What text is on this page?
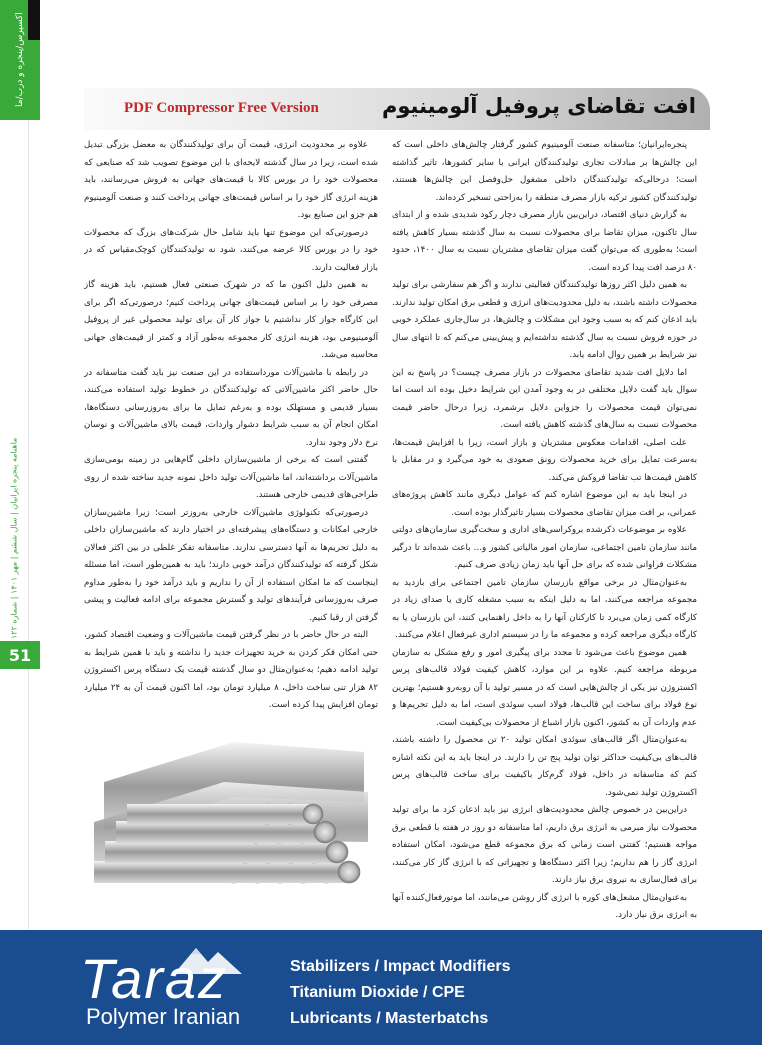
اکسپرس/پنجره و درب/ما
ماهنامه پنجره ایرانیان | سال ششم | مهر ۱۴۰۱ | شماره ۱۲۲
51
افت تقاضای پروفیل آلومینیوم
PDF Compressor Free Version

پنجره‌ایرانیان؛ متاسفانه صنعت آلومینیوم کشور گرفتار چالش‌های داخلی است که این چالش‌ها بر مبادلات تجاری تولیدکنندگان ایرانی با سایر کشورها، تاثیر گذاشته است؛ درحالی‌که تولیدکنندگان داخلی مشغول حل‌وفصل این چالش‌ها هستند، تولیدکنندگان کشور ترکیه بازار مصرف منطقه را به‌راحتی تسخیر کرده‌اند.

به گزارش دنیای اقتصاد، دراین‌بین بازار مصرف دچار رکود شدیدی شده و از ابتدای سال تاکنون، میزان تقاضا برای محصولات نسبت به سال گذشته بسیار کاهش یافته است؛ به‌طوری که می‌توان گفت میزان تقاضای مشتریان نسبت به سال ۱۴۰۰، حدود ۸۰ درصد افت پیدا کرده است.

به همین دلیل اکثر روزها تولیدکنندگان فعالیتی ندارند و اگر هم سفارشی برای تولید محصولات داشته باشند، به دلیل محدودیت‌های انرژی و قطعی برق امکان تولید ندارند. باید اذعان کنم که به سبب وجود این مشکلات و چالش‌ها، در سال‌جاری عملکرد خوبی در حوزه فروش نسبت به سال گذشته نداشته‌ایم و پیش‌بینی می‌کنم که تا انتهای سال نیز شرایط بر همین روال ادامه یابد.

اما دلایل افت شدید تقاضای محصولات در بازار مصرف چیست؟ در پاسخ به این سوال باید گفت دلایل مختلفی در به وجود آمدن این شرایط دخیل بوده اند است اما نمی‌توان قیمت محصولات را جزواین دلایل برشمرد، زیرا درحال حاضر قیمت محصولات نسبت به سال‌های گذشته کاهش یافته است.

علت اصلی، اقدامات معکوس مشتریان و بازار است، زیرا با افزایش قیمت‌ها، به‌سرعت تمایل برای خرید محصولات رونق صعودی به خود می‌گیرد و در مقابل با کاهش قیمت‌ها تب تقاضا فروکش می‌کند.

در اینجا باید به این موضوع اشاره کنم که عوامل دیگری مانند کاهش پروژه‌های عمرانی، بر افت میزان تقاضای محصولات بسیار تاثیرگذار بوده است.

علاوه بر موضوعات ذکرشده بروکراسی‌های اداری و سخت‌گیری سازمان‌های دولتی مانند سازمان تامین اجتماعی، سازمان امور مالیاتی کشور و... باعث شده‌اند تا درگیر مشکلات فراوانی شده که برای حل آنها باید زمان زیادی صرف کنیم.

به‌عنوان‌مثال در برخی مواقع بازرسان سازمان تامین اجتماعی برای بازدید به مجموعه مراجعه می‌کنند، اما به دلیل اینکه به سبب مشغله کاری یا صدای زیاد در کارگاه کمی زمان می‌برد تا کارکنان آنها را به داخل راهنمایی کنند، این بازرسان یا به کارگاه دیگری مراجعه کرده و مجموعه ما را در سیستم اداری غیرفعال اعلام می‌کنند.

همین موضوع باعث می‌شود تا مجدد برای پیگیری امور و رفع مشکل به سازمان مربوطه مراجعه کنیم. علاوه بر این موارد، کاهش کیفیت فولاد قالب‌های پرس اکستروژن نیز یکی از چالش‌هایی است که در مسیر تولید با آن روبه‌رو هستیم؛ بهترین نوع فولاد برای ساخت این قالب‌ها، فولاد اسب سوئدی است، اما به دلیل تحریم‌ها و عدم واردات آن به کشور، اکنون بازار اشباع از محصولات بی‌کیفیت است.

به‌عنوان‌مثال اگر قالب‌های سوئدی امکان تولید ۲۰ تن محصول را داشته باشند، قالب‌های بی‌کیفیت حداکثر توان تولید پنج تن را دارند. در اینجا باید به این نکته اشاره کنم که متاسفانه در داخل، فولاد گرم‌کار باکیفیت برای ساخت قالب‌های پرس اکستروژن تولید نمی‌شود.

دراین‌بین در خصوص چالش محدودیت‌های انرژی نیز باید اذعان کرد ما برای تولید محصولات نیاز مبرمی به انرژی برق داریم، اما متاسفانه دو روز در هفته با قطعی برق مواجه هستیم؛ کفتنی است زمانی که برق مجموعه قطع می‌شود، امکان استفاده انرژی گاز را هم نداریم؛ زیرا اکثر دستگاه‌ها و تجهیزاتی که با انرژی گاز کار می‌کنند، برای فعال‌سازی به نیروی برق نیاز دارند.

به‌عنوان‌مثال مشعل‌های کوره با انرژی گاز روشن می‌مانند، اما موتورفعال‌کننده آنها به انرژی برق نیاز دارد.

علاوه بر محدودیت انرژی، قیمت آن برای تولیدکنندگان به معضل بزرگی تبدیل شده است، زیرا در سال گذشته لایحه‌ای با این موضوع تصویب شد که صنایعی که محصولات خود را در بورس کالا با قیمت‌های جهانی به فروش می‌رسانند، باید هزینه انرژی گاز خود را بر اساس قیمت‌های جهانی پرداخت کنند و صنعت آلومینیوم هم جزو این صنایع بود.

درصورتی‌که این موضوع تنها باید شامل حال شرکت‌های بزرگ که محصولات خود را در بورس کالا عرضه می‌کنند، شود نه تولیدکنندگان کوچک‌مقیاس که در بازار فعالیت دارند.

به همین دلیل اکنون ما که در شهرک صنعتی فعال هستیم، باید هزینه گاز مصرفی خود را بر اساس قیمت‌های جهانی پرداخت کنیم؛ درصورتی‌که اگر برای این کارگاه جواز کار نداشتیم یا جواز کار آن برای تولید محصولی غیر از پروفیل آلومینیومی بود، هزینه انرژی کار مجموعه به‌طور آزاد و کمتر از قیمت‌های جهانی محاسبه می‌شد.

در رابطه با ماشین‌آلات مورداستفاده در این صنعت نیز باید گفت متاسفانه در حال حاضر اکثر ماشین‌آلاتی که تولیدکنندگان در خطوط تولید استفاده می‌کنند، بسیار قدیمی و مستهلک بوده و به‌رغم تمایل ما برای به‌روزرسانی دستگاه‌ها، امکان انجام آن به سبب شرایط دشوار واردات، قیمت بالای ماشین‌آلات و نوسان نرخ دلار وجود ندارد.

گفتنی است که برخی از ماشین‌سازان داخلی گام‌هایی در زمینه بومی‌سازی ماشین‌آلات برداشته‌اند، اما ماشین‌آلات تولید داخل نمونه جدید ساخته شده از روی طراحی‌های قدیمی خارجی هستند.

درصورتی‌که تکنولوژی ماشین‌آلات خارجی به‌روزتر است؛ زیرا ماشین‌سازان خارجی امکانات و دستگاه‌های پیشرفته‌ای در اختیار دارند که ماشین‌سازان داخلی به دلیل تحریم‌ها به آنها دسترسی ندارند. متاسفانه تفکر غلطی در بین اکثر فعالان شکل گرفته که تولیدکنندگان درآمد خوبی دارند؛ باید به همین‌طور است، اما مسئله اینجاست که ما امکان استفاده از آن را نداریم و باید درآمد خود را به‌طور مداوم صرف به‌روزسانی فرآیندهای تولید و گسترش مجموعه برای ادامه فعالیت و پیشی گرفتن از رقبا کنیم.

البته در حال حاضر با در نظر گرفتن قیمت ماشین‌آلات و وضعیت اقتصاد کشور، حتی امکان فکر کردن به خرید تجهیزات جدید را نداشته و باید با همین شرایط به تولید ادامه دهیم؛ به‌عنوان‌مثال دو سال گذشته قیمت یک دستگاه پرس اکستروژن ۸۲ هزار تنی ساخت داخل، ۸ میلیارد تومان بود، اما اکنون قیمت آن به ۲۴ میلیارد تومان افزایش پیدا کرده است.

Taraz
Polymer Iranian
Stabilizers / Impact Modifiers
Titanium Dioxide / CPE
Lubricants / Masterbatchs
